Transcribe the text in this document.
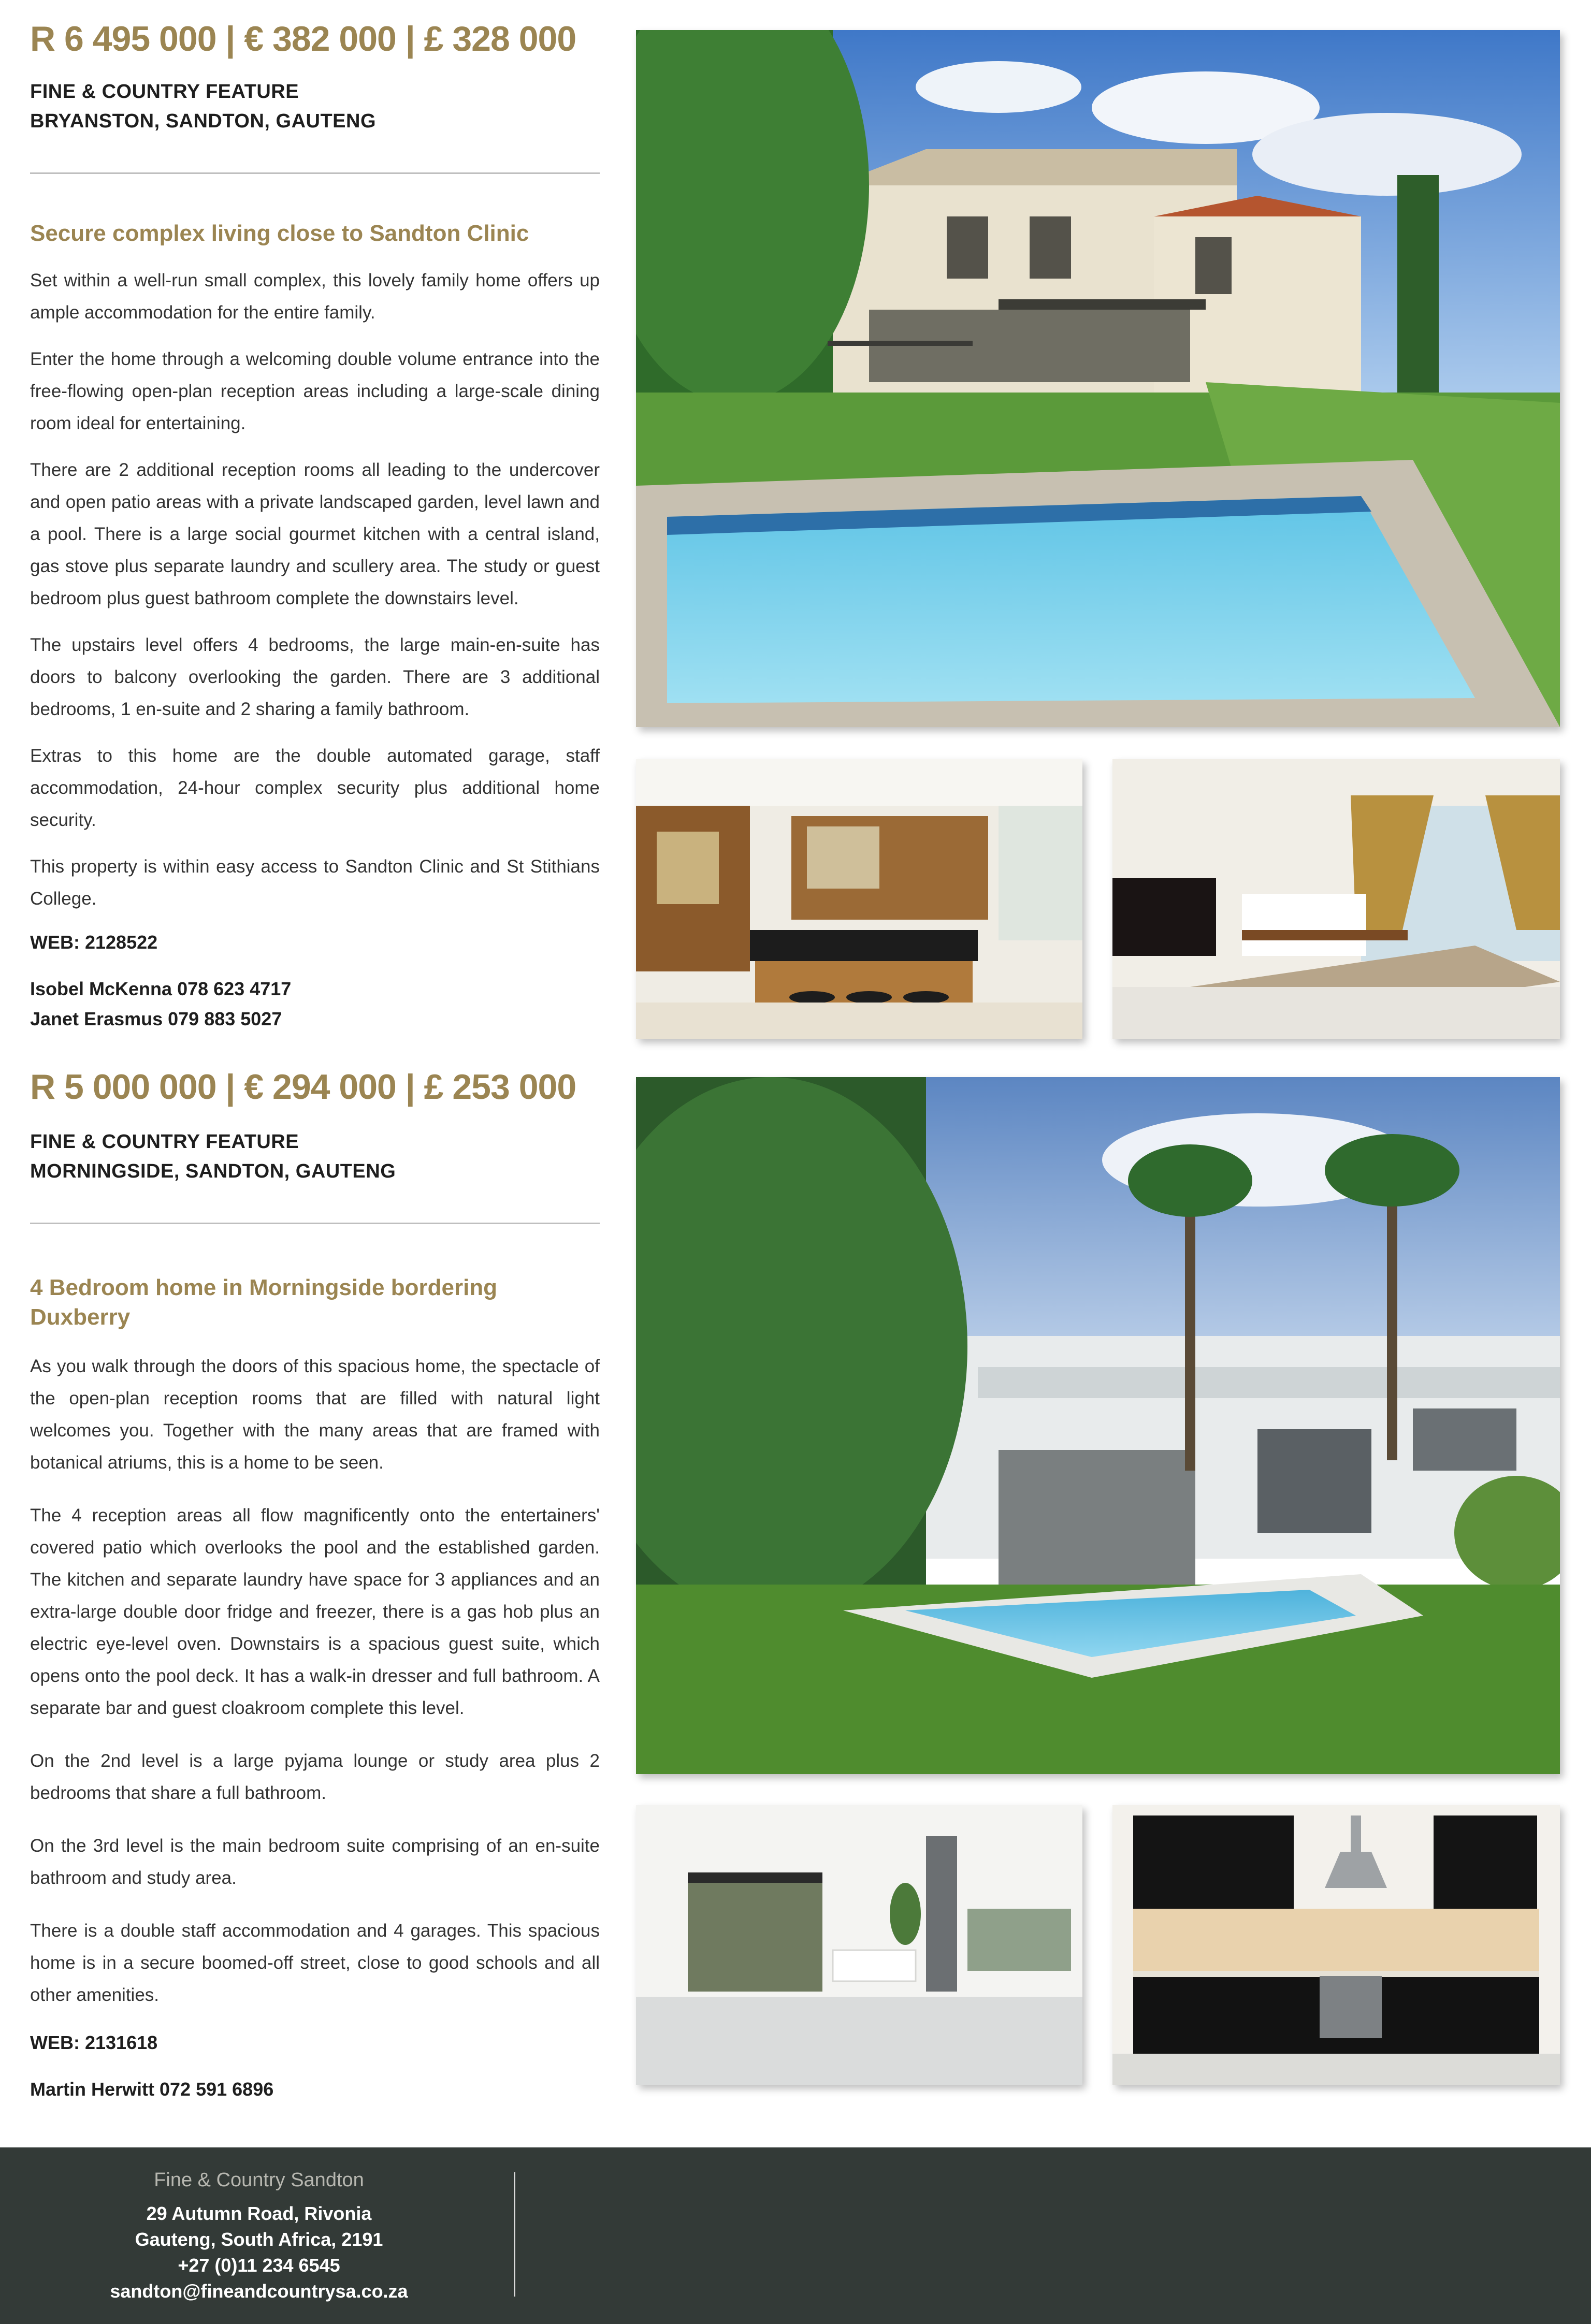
R 6 495 000 | € 382 000 | £ 328 000
FINE & COUNTRY FEATURE
BRYANSTON, SANDTON, GAUTENG
Secure complex living close to Sandton Clinic

Set within a well-run small complex, this lovely family home offers up ample accommodation for the entire family.

Enter the home through a welcoming double volume entrance into the free-flowing open-plan reception areas including a large-scale dining room ideal for entertaining.

There are 2 additional reception rooms all leading to the undercover and open patio areas with a private landscaped garden, level lawn and a pool. There is a large social gourmet kitchen with a central island, gas stove plus separate laundry and scullery area. The study or guest bedroom plus guest bathroom complete the downstairs level.

The upstairs level offers 4 bedrooms, the large main-en-suite has doors to balcony overlooking the garden. There are 3 additional bedrooms, 1 en-suite and 2 sharing a family bathroom.

Extras to this home are the double automated garage, staff accommodation, 24-hour complex security plus additional home security.

This property is within easy access to Sandton Clinic and St Stithians College.

WEB: 2128522
Isobel McKenna 078 623 4717
Janet Erasmus 079 883 5027
R 5 000 000 | € 294 000 | £ 253 000
FINE & COUNTRY FEATURE
MORNINGSIDE, SANDTON, GAUTENG
4 Bedroom home in Morningside bordering Duxberry

As you walk through the doors of this spacious home, the spectacle of the open-plan reception rooms that are filled with natural light welcomes you. Together with the many areas that are framed with botanical atriums, this is a home to be seen.

The 4 reception areas all flow magnificently onto the entertainers' covered patio which overlooks the pool and the established garden. The kitchen and separate laundry have space for 3 appliances and an extra-large double door fridge and freezer, there is a gas hob plus an electric eye-level oven. Downstairs is a spacious guest suite, which opens onto the pool deck. It has a walk-in dresser and full bathroom. A separate bar and guest cloakroom complete this level.

On the 2nd level is a large pyjama lounge or study area plus 2 bedrooms that share a full bathroom.

On the 3rd level is the main bedroom suite comprising of an en-suite bathroom and study area.

There is a double staff accommodation and 4 garages. This spacious home is in a secure boomed-off street, close to good schools and all other amenities.

WEB: 2131618
Martin Herwitt 072 591 6896
Fine & Country Sandton
29 Autumn Road, Rivonia
Gauteng, South Africa, 2191
+27 (0)11 234 6545
sandton@fineandcountrysa.co.za
